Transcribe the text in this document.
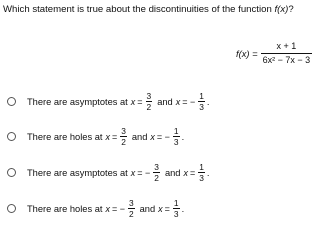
Which statement is true about the discontinuities of the function f(x)?
$f(x) = \frac{x + 1}{\text{6x² − 7x − 3}}$
There are asymptotes at $x = \frac{3}{2}$ and x = − $\frac{1}{3}$ .
There are holes at $x = \frac{3}{2}$ and x = − $\frac{1}{3}$ .
There are asymptotes at x = − $\frac{3}{2}$ and $x = \frac{1}{3}$ .
There are holes at x = − $\frac{3}{2}$ and $x = \frac{1}{3}$ .
